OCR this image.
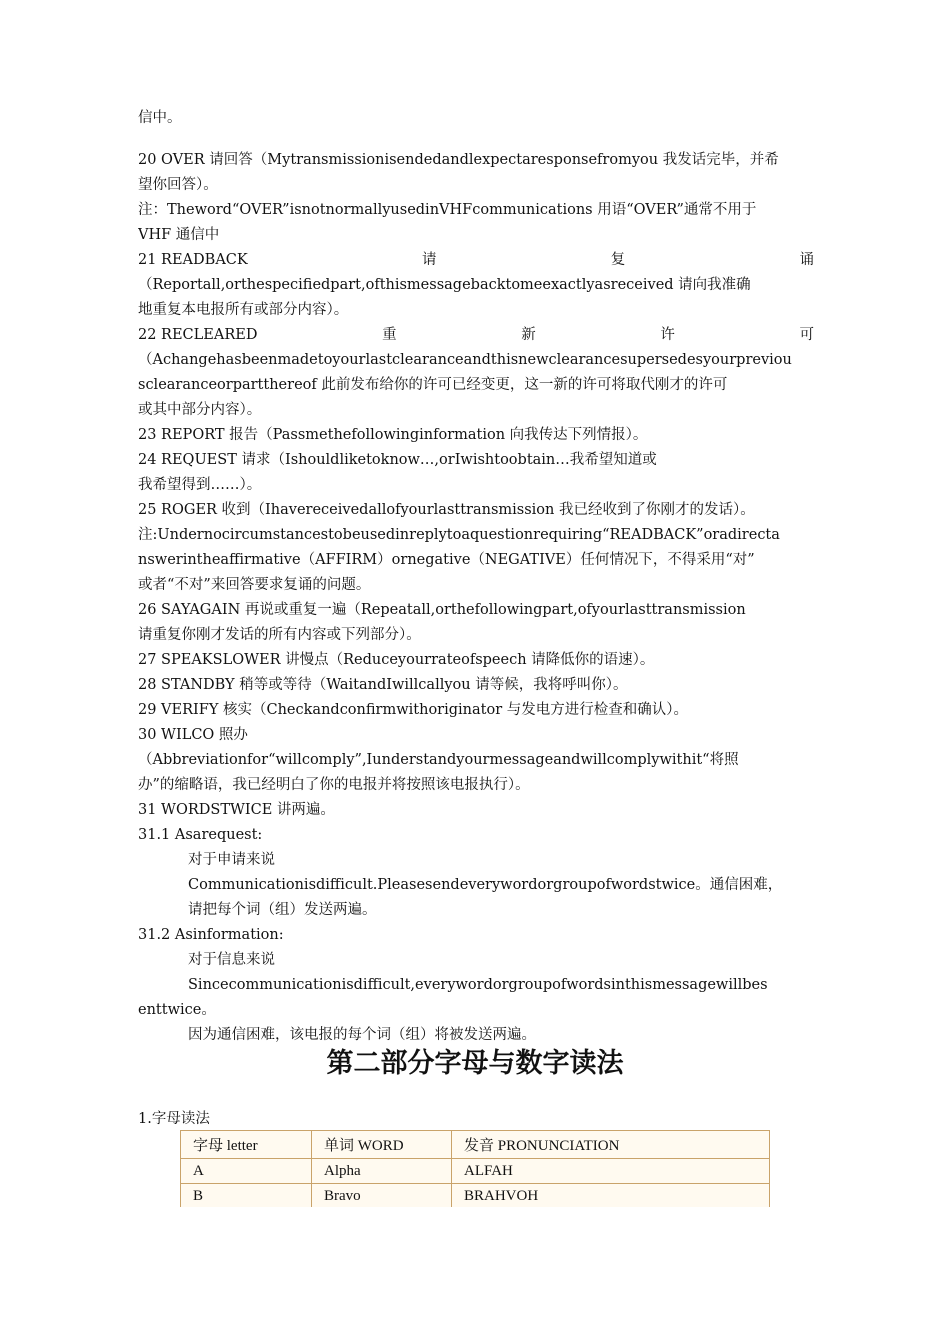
信中。
20 OVER 请回答（Mytransmissionisendedandlexpectaresponsefromyou 我发话完毕，并希
望你回答）。
注：Theword“OVER”isnotnormallyusedinVHFcommunications 用语“OVER”通常不用于
VHF 通信中
21 READBACK	请	复	诵
（Reportall,orthespecifiedpart,ofthismessagebacktomeexactlyasreceived 请向我准确
地重复本电报所有或部分内容）。
22 RECLEARED	重	新	许	可
（Achangehasbeenmadetoyourlastclearanceandthisnewclearancesupersedesyourpreviou
sclearanceorpartthereof 此前发布给你的许可已经变更，这一新的许可将取代刚才的许可
或其中部分内容）。
23 REPORT 报告（Passmethefollowinginformation 向我传达下列情报）。
24 REQUEST 请求（Ishouldliketoknow…,orIwishtoobtain…我希望知道或
我希望得到……）。
25 ROGER 收到（Ihavereceivedallofyourlasttransmission 我已经收到了你刚才的发话）。
注:Undernocircumstancestobeusedinreplytoaquestionrequiring“READBACK”oradirecta
nswerintheaffirmative（AFFIRM）ornegative（NEGATIVE）任何情况下，不得采用“对”
或者“不对”来回答要求复诵的问题。
26 SAYAGAIN 再说或重复一遍（Repeatall,orthefollowingpart,ofyourlasttransmission
请重复你刚才发话的所有内容或下列部分）。
27 SPEAKSLOWER 讲慢点（Reduceyourrateofspeech 请降低你的语速）。
28 STANDBY 稍等或等待（WaitandIwillcallyou 请等候，我将呼叫你）。
29 VERIFY 核实（Checkandconfirmwithoriginator 与发电方进行检查和确认）。
30 WILCO 照办
（Abbreviationfor“willcomply”,Iunderstandyourmessageandwillcomplywithit“将照
办”的缩略语，我已经明白了你的电报并将按照该电报执行）。
31 WORDSTWICE 讲两遍。
31.1 Asarequest:
对于申请来说
Communicationisdifficult.Pleasesendeverywordorgroupofwordstwice。通信困难，
请把每个词（组）发送两遍。
31.2 Asinformation:
对于信息来说
Sincecommunicationisdifficult,everywordorgroupofwordsinthismessagewillbes
enttwice。
因为通信困难，该电报的每个词（组）将被发送两遍。
第二部分字母与数字读法
1.字母读法
字母 letter	单词 WORD	发音 PRONUNCIATION
A	Alpha	ALFAH
B	Bravo	BRAHVOH
